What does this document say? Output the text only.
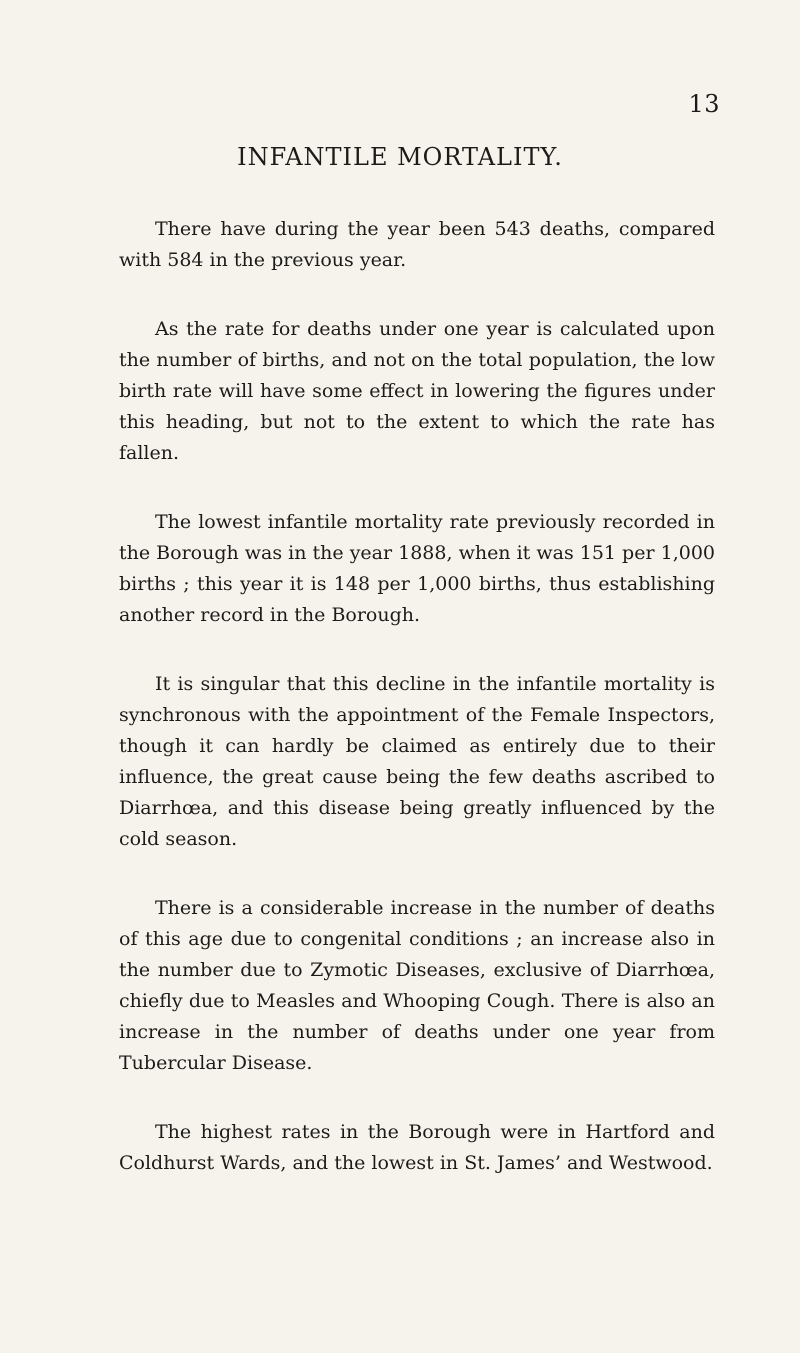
13
INFANTILE MORTALITY.

There have during the year been 543 deaths, compared with 584 in the previous year.

As the rate for deaths under one year is calculated upon the number of births, and not on the total population, the low birth rate will have some effect in lowering the figures under this heading, but not to the extent to which the rate has fallen.

The lowest infantile mortality rate previously recorded in the Borough was in the year 1888, when it was 151 per 1,000 births ; this year it is 148 per 1,000 births, thus establishing another record in the Borough.

It is singular that this decline in the infantile mortality is synchronous with the appointment of the Female Inspectors, though it can hardly be claimed as entirely due to their influence, the great cause being the few deaths ascribed to Diarrhœa, and this disease being greatly influenced by the cold season.

There is a considerable increase in the number of deaths of this age due to congenital conditions ; an increase also in the number due to Zymotic Diseases, exclusive of Diarrhœa, chiefly due to Measles and Whooping Cough. There is also an increase in the number of deaths under one year from Tubercular Disease.

The highest rates in the Borough were in Hartford and Coldhurst Wards, and the lowest in St. James’ and Westwood.
